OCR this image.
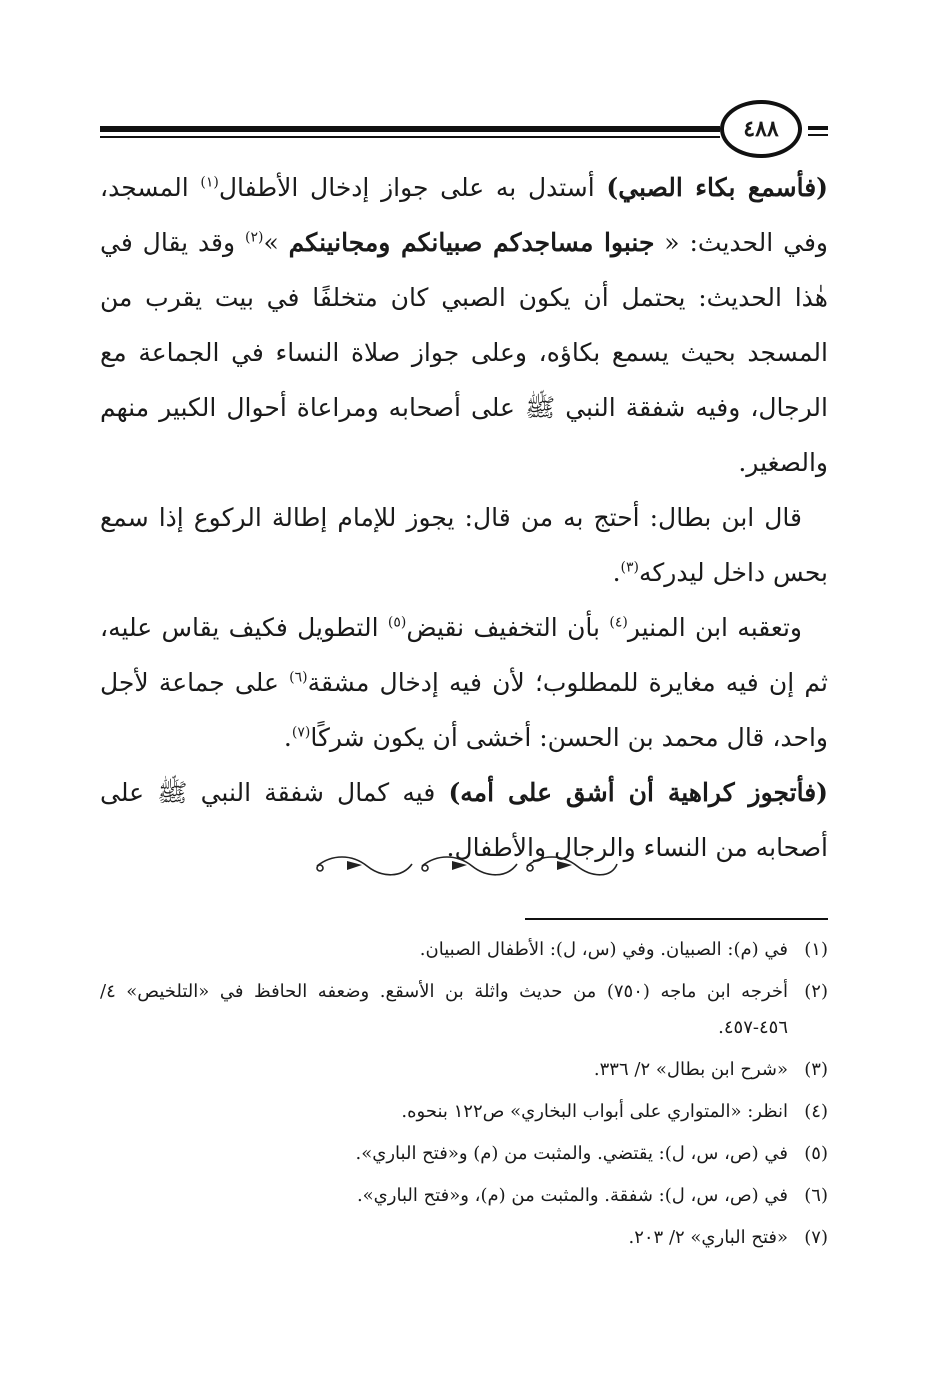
٤٨٨

(فأسمع بكاء الصبي) أستدل به على جواز إدخال الأطفال$^{(١)}$ المسجد، وفي الحديث: « جنبوا مساجدكم صبيانكم ومجانينكم »$^{(٢)}$ وقد يقال في هٰذا الحديث: يحتمل أن يكون الصبي كان متخلفًا في بيت يقرب من المسجد بحيث يسمع بكاؤه، وعلى جواز صلاة النساء في الجماعة مع الرجال، وفيه شفقة النبي ﷺ على أصحابه ومراعاة أحوال الكبير منهم والصغير.

قال ابن بطال: أحتج به من قال: يجوز للإمام إطالة الركوع إذا سمع بحس داخل ليدركه$^{(٣)}$.

وتعقبه ابن المنير$^{(٤)}$ بأن التخفيف نقيض$^{(٥)}$ التطويل فكيف يقاس عليه، ثم إن فيه مغايرة للمطلوب؛ لأن فيه إدخال مشقة$^{(٦)}$ على جماعة لأجل واحد، قال محمد بن الحسن: أخشى أن يكون شركًا$^{(٧)}$.

(فأتجوز كراهية أن أشق على أمه) فيه كمال شفقة النبي ﷺ على أصحابه من النساء والرجال والأطفال.

(١)
في (م): الصبيان. وفي (س، ل): الأطفال الصبيان.
(٢)
أخرجه ابن ماجه (٧٥٠) من حديث واثلة بن الأسقع. وضعفه الحافظ في «التلخيص» ٤/ ٤٥٦-٤٥٧.
(٣)
«شرح ابن بطال» ٢/ ٣٣٦.
(٤)
انظر: «المتواري على أبواب البخاري» ص١٢٢ بنحوه.
(٥)
في (ص، س، ل): يقتضي. والمثبت من (م) و«فتح الباري».
(٦)
في (ص، س، ل): شفقة. والمثبت من (م)، و«فتح الباري».
(٧)
«فتح الباري» ٢/ ٢٠٣.
